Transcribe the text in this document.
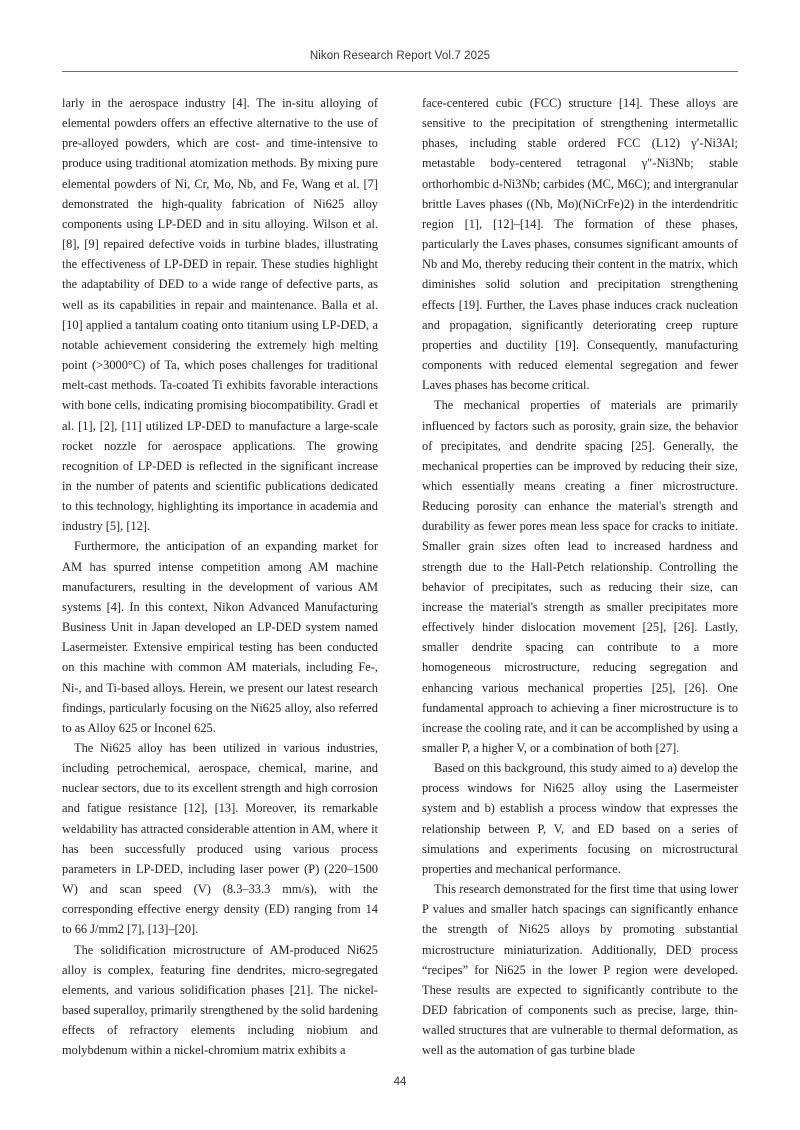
Nikon Research Report Vol.7 2025

larly in the aerospace industry [4]. The in-situ alloying of elemental powders offers an effective alternative to the use of pre-alloyed powders, which are cost- and time-intensive to produce using traditional atomization methods. By mixing pure elemental powders of Ni, Cr, Mo, Nb, and Fe, Wang et al. [7] demonstrated the high-quality fabrication of Ni625 alloy components using LP-DED and in situ alloying. Wilson et al. [8], [9] repaired defective voids in turbine blades, illustrating the effectiveness of LP-DED in repair. These studies highlight the adaptability of DED to a wide range of defective parts, as well as its capabilities in repair and maintenance. Balla et al. [10] applied a tantalum coating onto titanium using LP-DED, a notable achievement considering the extremely high melting point (>3000°C) of Ta, which poses challenges for traditional melt-cast methods. Ta-coated Ti exhibits favorable interactions with bone cells, indicating promising biocompatibility. Gradl et al. [1], [2], [11] utilized LP-DED to manufacture a large-scale rocket nozzle for aerospace applications. The growing recognition of LP-DED is reflected in the significant increase in the number of patents and scientific publications dedicated to this technology, highlighting its importance in academia and industry [5], [12].

Furthermore, the anticipation of an expanding market for AM has spurred intense competition among AM machine manufacturers, resulting in the development of various AM systems [4]. In this context, Nikon Advanced Manufacturing Business Unit in Japan developed an LP-DED system named Lasermeister. Extensive empirical testing has been conducted on this machine with common AM materials, including Fe-, Ni-, and Ti-based alloys. Herein, we present our latest research findings, particularly focusing on the Ni625 alloy, also referred to as Alloy 625 or Inconel 625.

The Ni625 alloy has been utilized in various industries, including petrochemical, aerospace, chemical, marine, and nuclear sectors, due to its excellent strength and high corrosion and fatigue resistance [12], [13]. Moreover, its remarkable weldability has attracted considerable attention in AM, where it has been successfully produced using various process parameters in LP-DED, including laser power (P) (220–1500 W) and scan speed (V) (8.3–33.3 mm/s), with the corresponding effective energy density (ED) ranging from 14 to 66 J/mm2 [7], [13]–[20].

The solidification microstructure of AM-produced Ni625 alloy is complex, featuring fine dendrites, micro-segregated elements, and various solidification phases [21]. The nickel-based superalloy, primarily strengthened by the solid hardening effects of refractory elements including niobium and molybdenum within a nickel-chromium matrix exhibits a

face-centered cubic (FCC) structure [14]. These alloys are sensitive to the precipitation of strengthening intermetallic phases, including stable ordered FCC (L12) γ′-Ni3Al; metastable body-centered tetragonal γ″-Ni3Nb; stable orthorhombic d-Ni3Nb; carbides (MC, M6C); and intergranular brittle Laves phases ((Nb, Mo)(NiCrFe)2) in the interdendritic region [1], [12]–[14]. The formation of these phases, particularly the Laves phases, consumes significant amounts of Nb and Mo, thereby reducing their content in the matrix, which diminishes solid solution and precipitation strengthening effects [19]. Further, the Laves phase induces crack nucleation and propagation, significantly deteriorating creep rupture properties and ductility [19]. Consequently, manufacturing components with reduced elemental segregation and fewer Laves phases has become critical.

The mechanical properties of materials are primarily influenced by factors such as porosity, grain size, the behavior of precipitates, and dendrite spacing [25]. Generally, the mechanical properties can be improved by reducing their size, which essentially means creating a finer microstructure. Reducing porosity can enhance the material's strength and durability as fewer pores mean less space for cracks to initiate. Smaller grain sizes often lead to increased hardness and strength due to the Hall-Petch relationship. Controlling the behavior of precipitates, such as reducing their size, can increase the material's strength as smaller precipitates more effectively hinder dislocation movement [25], [26]. Lastly, smaller dendrite spacing can contribute to a more homogeneous microstructure, reducing segregation and enhancing various mechanical properties [25], [26]. One fundamental approach to achieving a finer microstructure is to increase the cooling rate, and it can be accomplished by using a smaller P, a higher V, or a combination of both [27].

Based on this background, this study aimed to a) develop the process windows for Ni625 alloy using the Lasermeister system and b) establish a process window that expresses the relationship between P, V, and ED based on a series of simulations and experiments focusing on microstructural properties and mechanical performance.

This research demonstrated for the first time that using lower P values and smaller hatch spacings can significantly enhance the strength of Ni625 alloys by promoting substantial microstructure miniaturization. Additionally, DED process “recipes” for Ni625 in the lower P region were developed. These results are expected to significantly contribute to the DED fabrication of components such as precise, large, thin-walled structures that are vulnerable to thermal deformation, as well as the automation of gas turbine blade

44
